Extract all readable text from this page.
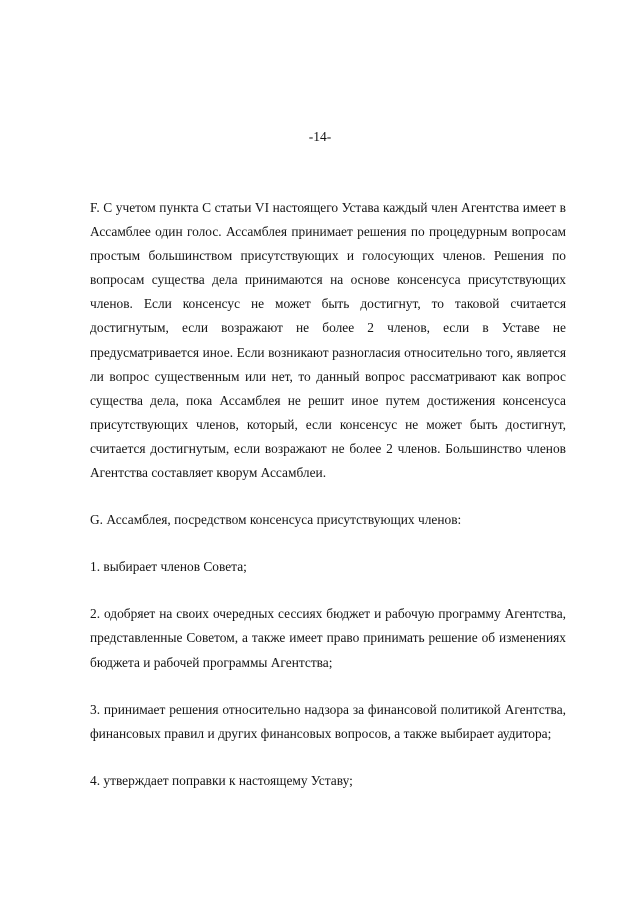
-14-

F. С учетом пункта С статьи VI настоящего Устава каждый член Агентства имеет в Ассамблее один голос. Ассамблея принимает решения по процедурным вопросам простым большинством присутствующих и голосующих членов. Решения по вопросам существа дела принимаются на основе консенсуса присутствующих членов. Если консенсус не может быть достигнут, то таковой считается достигнутым, если возражают не более 2 членов, если в Уставе не предусматривается иное. Если возникают разногласия относительно того, является ли вопрос существенным или нет, то данный вопрос рассматривают как вопрос существа дела, пока Ассамблея не решит иное путем достижения консенсуса присутствующих членов, который, если консенсус не может быть достигнут, считается достигнутым, если возражают не более 2 членов. Большинство членов Агентства составляет кворум Ассамблеи.

G. Ассамблея, посредством консенсуса присутствующих членов:

1. выбирает членов Совета;

2. одобряет на своих очередных сессиях бюджет и рабочую программу Агентства, представленные Советом, а также имеет право принимать решение об изменениях бюджета и рабочей программы Агентства;

3. принимает решения относительно надзора за финансовой политикой Агентства, финансовых правил и других финансовых вопросов, а также выбирает аудитора;

4. утверждает поправки к настоящему Уставу;
